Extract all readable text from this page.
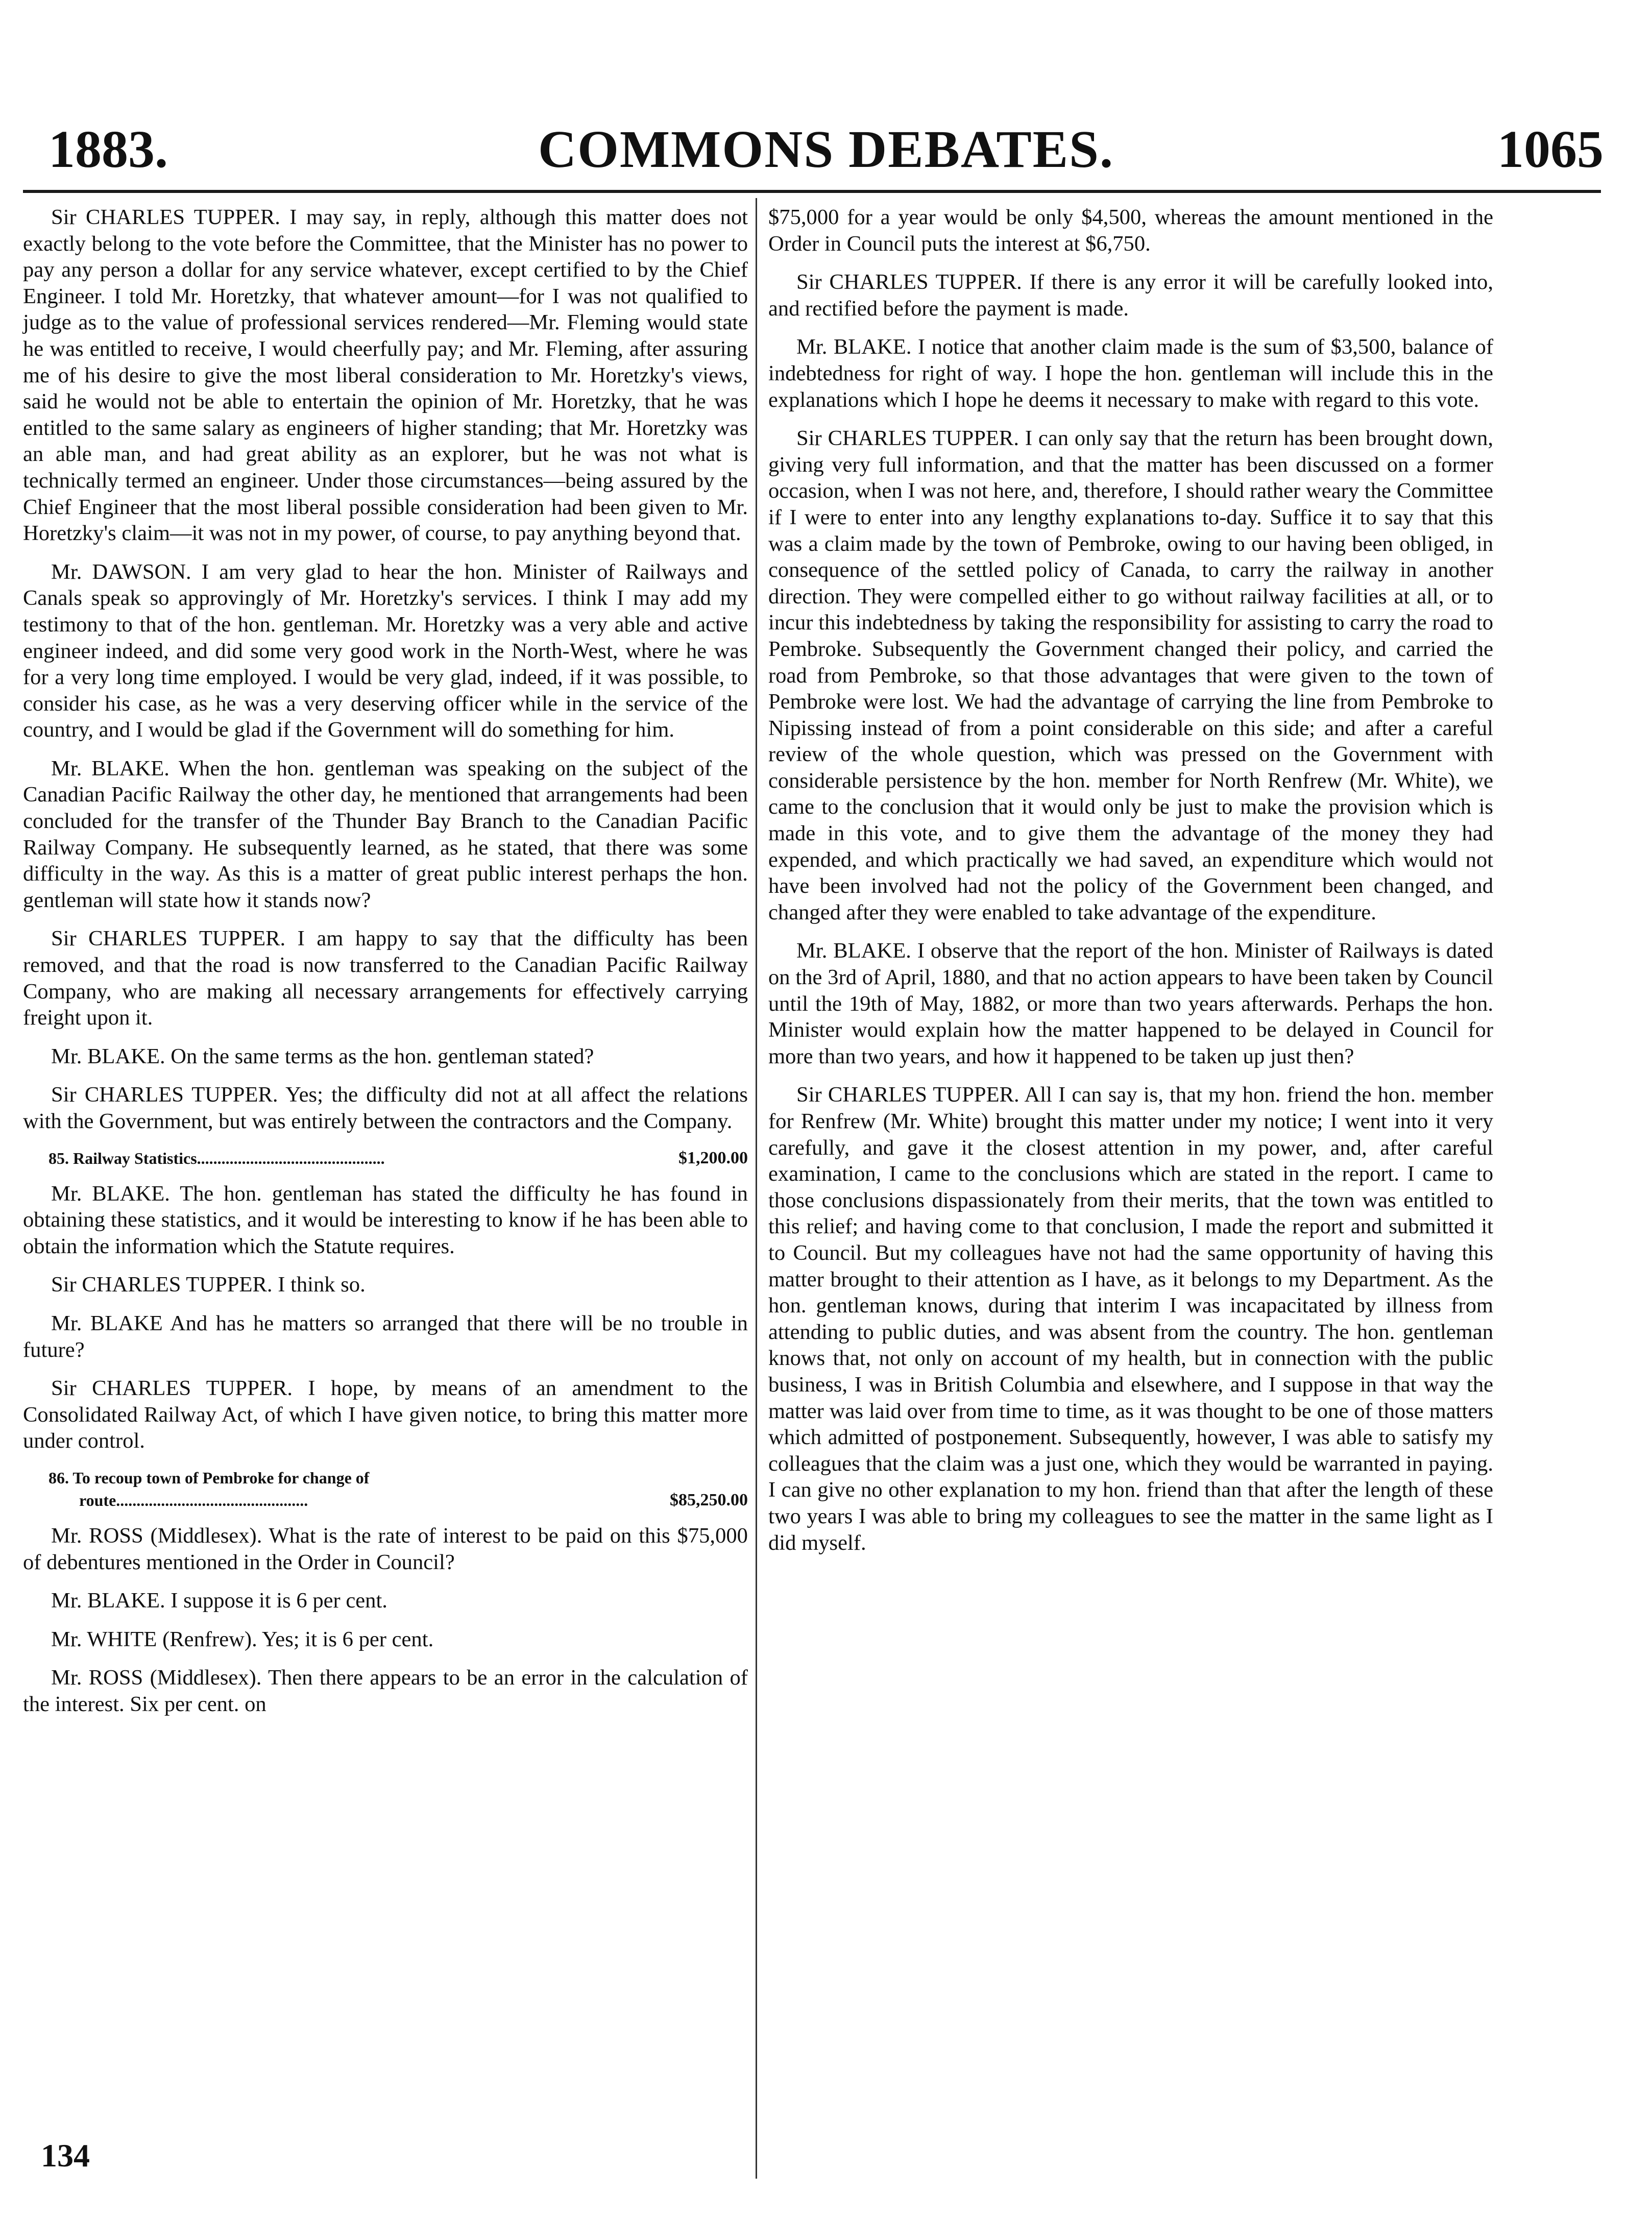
1883.	COMMONS DEBATES.	1065

Sir CHARLES TUPPER. I may say, in reply, although this matter does not exactly belong to the vote before the Committee, that the Minister has no power to pay any person a dollar for any service whatever, except certified to by the Chief Engineer. I told Mr. Horetzky, that whatever amount—for I was not qualified to judge as to the value of professional services rendered—Mr. Fleming would state he was entitled to receive, I would cheerfully pay; and Mr. Fleming, after assuring me of his desire to give the most liberal consideration to Mr. Horetzky's views, said he would not be able to entertain the opinion of Mr. Horetzky, that he was entitled to the same salary as engineers of higher standing; that Mr. Horetzky was an able man, and had great ability as an explorer, but he was not what is technically termed an engineer. Under those circumstances—being assured by the Chief Engineer that the most liberal possible consideration had been given to Mr. Horetzky's claim—it was not in my power, of course, to pay anything beyond that.

Mr. DAWSON. I am very glad to hear the hon. Minister of Railways and Canals speak so approvingly of Mr. Horetzky's services. I think I may add my testimony to that of the hon. gentleman. Mr. Horetzky was a very able and active engineer indeed, and did some very good work in the North-West, where he was for a very long time employed. I would be very glad, indeed, if it was possible, to consider his case, as he was a very deserving officer while in the service of the country, and I would be glad if the Government will do something for him.

Mr. BLAKE. When the hon. gentleman was speaking on the subject of the Canadian Pacific Railway the other day, he mentioned that arrangements had been concluded for the transfer of the Thunder Bay Branch to the Canadian Pacific Railway Company. He subsequently learned, as he stated, that there was some difficulty in the way. As this is a matter of great public interest perhaps the hon. gentleman will state how it stands now?

Sir CHARLES TUPPER. I am happy to say that the difficulty has been removed, and that the road is now transferred to the Canadian Pacific Railway Company, who are making all necessary arrangements for effectively carrying freight upon it.

Mr. BLAKE. On the same terms as the hon. gentleman stated?

Sir CHARLES TUPPER. Yes; the difficulty did not at all affect the relations with the Government, but was entirely between the contractors and the Company.

85. Railway Statistics..............................................	$1,200.00

Mr. BLAKE. The hon. gentleman has stated the difficulty he has found in obtaining these statistics, and it would be interesting to know if he has been able to obtain the information which the Statute requires.

Sir CHARLES TUPPER. I think so.

Mr. BLAKE And has he matters so arranged that there will be no trouble in future?

Sir CHARLES TUPPER. I hope, by means of an amendment to the Consolidated Railway Act, of which I have given notice, to bring this matter more under control.

86. To recoup town of Pembroke for change of
route...............................................	$85,250.00

Mr. ROSS (Middlesex). What is the rate of interest to be paid on this $75,000 of debentures mentioned in the Order in Council?

Mr. BLAKE. I suppose it is 6 per cent.

Mr. WHITE (Renfrew). Yes; it is 6 per cent.

Mr. ROSS (Middlesex). Then there appears to be an error in the calculation of the interest. Six per cent. on

$75,000 for a year would be only $4,500, whereas the amount mentioned in the Order in Council puts the interest at $6,750.

Sir CHARLES TUPPER. If there is any error it will be carefully looked into, and rectified before the payment is made.

Mr. BLAKE. I notice that another claim made is the sum of $3,500, balance of indebtedness for right of way. I hope the hon. gentleman will include this in the explanations which I hope he deems it necessary to make with regard to this vote.

Sir CHARLES TUPPER. I can only say that the return has been brought down, giving very full information, and that the matter has been discussed on a former occasion, when I was not here, and, therefore, I should rather weary the Committee if I were to enter into any lengthy explanations to-day. Suffice it to say that this was a claim made by the town of Pembroke, owing to our having been obliged, in consequence of the settled policy of Canada, to carry the railway in another direction. They were compelled either to go without railway facilities at all, or to incur this indebtedness by taking the responsibility for assisting to carry the road to Pembroke. Subsequently the Government changed their policy, and carried the road from Pembroke, so that those advantages that were given to the town of Pembroke were lost. We had the advantage of carrying the line from Pembroke to Nipissing instead of from a point considerable on this side; and after a careful review of the whole question, which was pressed on the Government with considerable persistence by the hon. member for North Renfrew (Mr. White), we came to the conclusion that it would only be just to make the provision which is made in this vote, and to give them the advantage of the money they had expended, and which practically we had saved, an expenditure which would not have been involved had not the policy of the Government been changed, and changed after they were enabled to take advantage of the expenditure.

Mr. BLAKE. I observe that the report of the hon. Minister of Railways is dated on the 3rd of April, 1880, and that no action appears to have been taken by Council until the 19th of May, 1882, or more than two years afterwards. Perhaps the hon. Minister would explain how the matter happened to be delayed in Council for more than two years, and how it happened to be taken up just then?

Sir CHARLES TUPPER. All I can say is, that my hon. friend the hon. member for Renfrew (Mr. White) brought this matter under my notice; I went into it very carefully, and gave it the closest attention in my power, and, after careful examination, I came to the conclusions which are stated in the report. I came to those conclusions dispassionately from their merits, that the town was entitled to this relief; and having come to that conclusion, I made the report and submitted it to Council. But my colleagues have not had the same opportunity of having this matter brought to their attention as I have, as it belongs to my Department. As the hon. gentleman knows, during that interim I was incapacitated by illness from attending to public duties, and was absent from the country. The hon. gentleman knows that, not only on account of my health, but in connection with the public business, I was in British Columbia and elsewhere, and I suppose in that way the matter was laid over from time to time, as it was thought to be one of those matters which admitted of postponement. Subsequently, however, I was able to satisfy my colleagues that the claim was a just one, which they would be warranted in paying. I can give no other explanation to my hon. friend than that after the length of these two years I was able to bring my colleagues to see the matter in the same light as I did myself.

134
